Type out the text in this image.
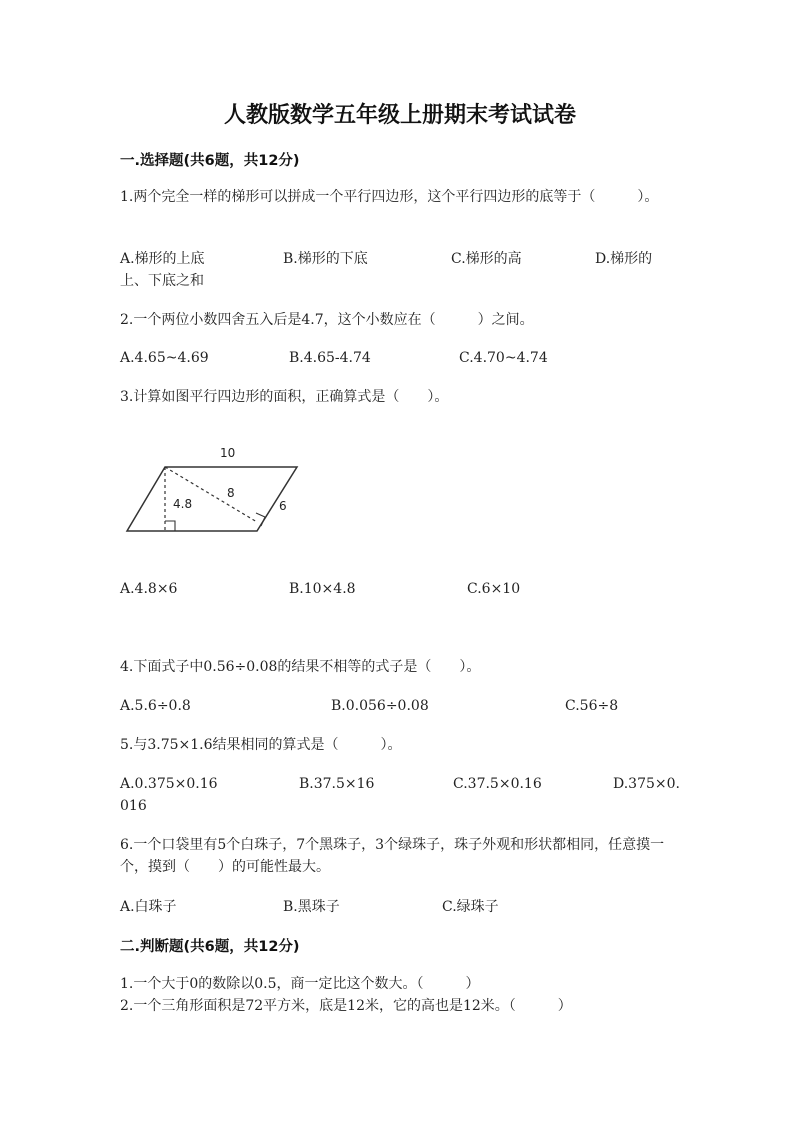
人教版数学五年级上册期末考试试卷
一.选择题(共6题，共12分)
1.两个完全一样的梯形可以拼成一个平行四边形，这个平行四边形的底等于（　　　）。
A.梯形的上底	B.梯形的下底	C.梯形的高	D.梯形的
上、下底之和
2.一个两位小数四舍五入后是4.7，这个小数应在（　　　）之间。
A.4.65~4.69	B.4.65-4.74	C.4.70~4.74
3.计算如图平行四边形的面积，正确算式是（　　）。
10
4.8
8
6
A.4.8×6	B.10×4.8	C.6×10
4.下面式子中0.56÷0.08的结果不相等的式子是（　　）。
A.5.6÷0.8	B.0.056÷0.08	C.56÷8
5.与3.75×1.6结果相同的算式是（　　　）。
A.0.375×0.16	B.37.5×16	C.37.5×0.16	D.375×0.
016
6.一个口袋里有5个白珠子，7个黑珠子，3个绿珠子，珠子外观和形状都相同，任意摸一个，摸到（　　）的可能性最大。
A.白珠子	B.黑珠子	C.绿珠子
二.判断题(共6题，共12分)
1.一个大于0的数除以0.5，商一定比这个数大。（　　　）
2.一个三角形面积是72平方米，底是12米，它的高也是12米。（　　　）
